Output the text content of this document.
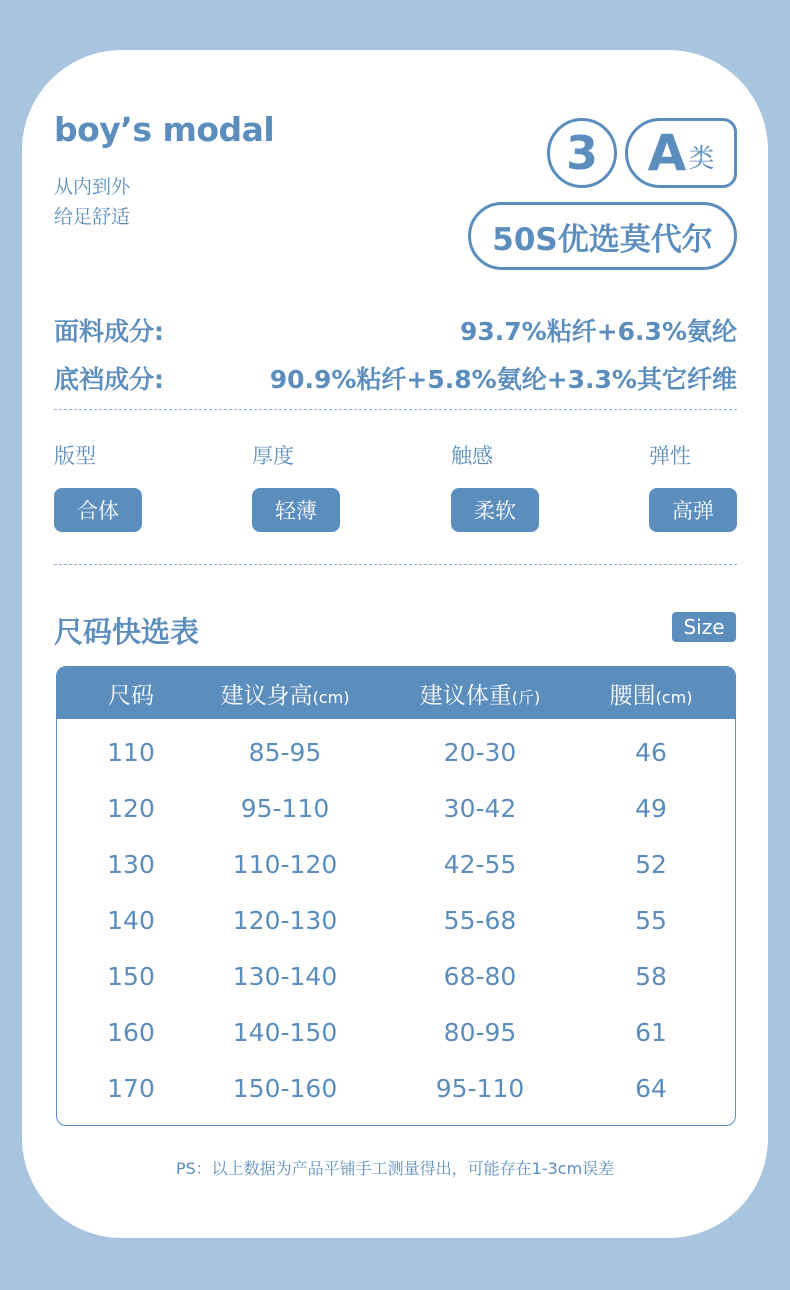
boy’s modal
从内到外
给足舒适
3 A 类
50S优选莫代尔
面料成分:	93.7%粘纤+6.3%氨纶
底裆成分:	90.9%粘纤+5.8%氨纶+3.3%其它纤维
版型
合体
厚度
轻薄
触感
柔软
弹性
高弹
尺码快选表	Size
尺码	建议身高(cm)	建议体重(斤)	腰围(cm)
110	85-95	20-30	46
120	95-110	30-42	49
130	110-120	42-55	52
140	120-130	55-68	55
150	130-140	68-80	58
160	140-150	80-95	61
170	150-160	95-110	64
PS：以上数据为产品平铺手工测量得出，可能存在1-3cm误差
